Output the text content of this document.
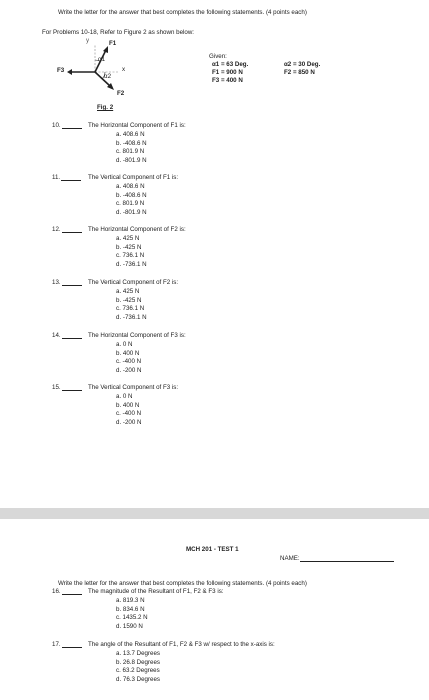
Write the letter for the answer that best completes the following statements. (4 points each)
For Problems 10-18, Refer to Figure 2 as shown below:
y	F1
α1
x
F3
α2
F2
Fig. 2
Given:
α1 = 63 Deg.
F1 = 900 N
F3 = 400 N
α2 = 30 Deg.
F2 = 850 N
10.	The Horizontal Component of F1 is:
a. 408.6 N
b. -408.6 N
c. 801.9 N
d. -801.9 N
11.	The Vertical Component of F1 is:
a. 408.6 N
b. -408.6 N
c. 801.9 N
d. -801.9 N
12.	The Horizontal Component of F2 is:
a. 425 N
b. -425 N
c. 736.1 N
d. -736.1 N
13.	The Vertical Component of F2 is:
a. 425 N
b. -425 N
c. 736.1 N
d. -736.1 N
14.	The Horizontal Component of F3 is:
a. 0 N
b. 400 N
c. -400 N
d. -200 N
15.	The Vertical Component of F3 is:
a. 0 N
b. 400 N
c. -400 N
d. -200 N
MCH 201 - TEST 1
NAME:
Write the letter for the answer that best completes the following statements. (4 points each)
16.	The magnitude of the Resultant of F1, F2 & F3 is:
a. 819.3 N
b. 834.6 N
c. 1435.2 N
d. 1590 N
17.	The angle of the Resultant of F1, F2 & F3 w/ respect to the x-axis is:
a. 13.7 Degrees
b. 26.8 Degrees
c. 63.2 Degrees
d. 76.3 Degrees
